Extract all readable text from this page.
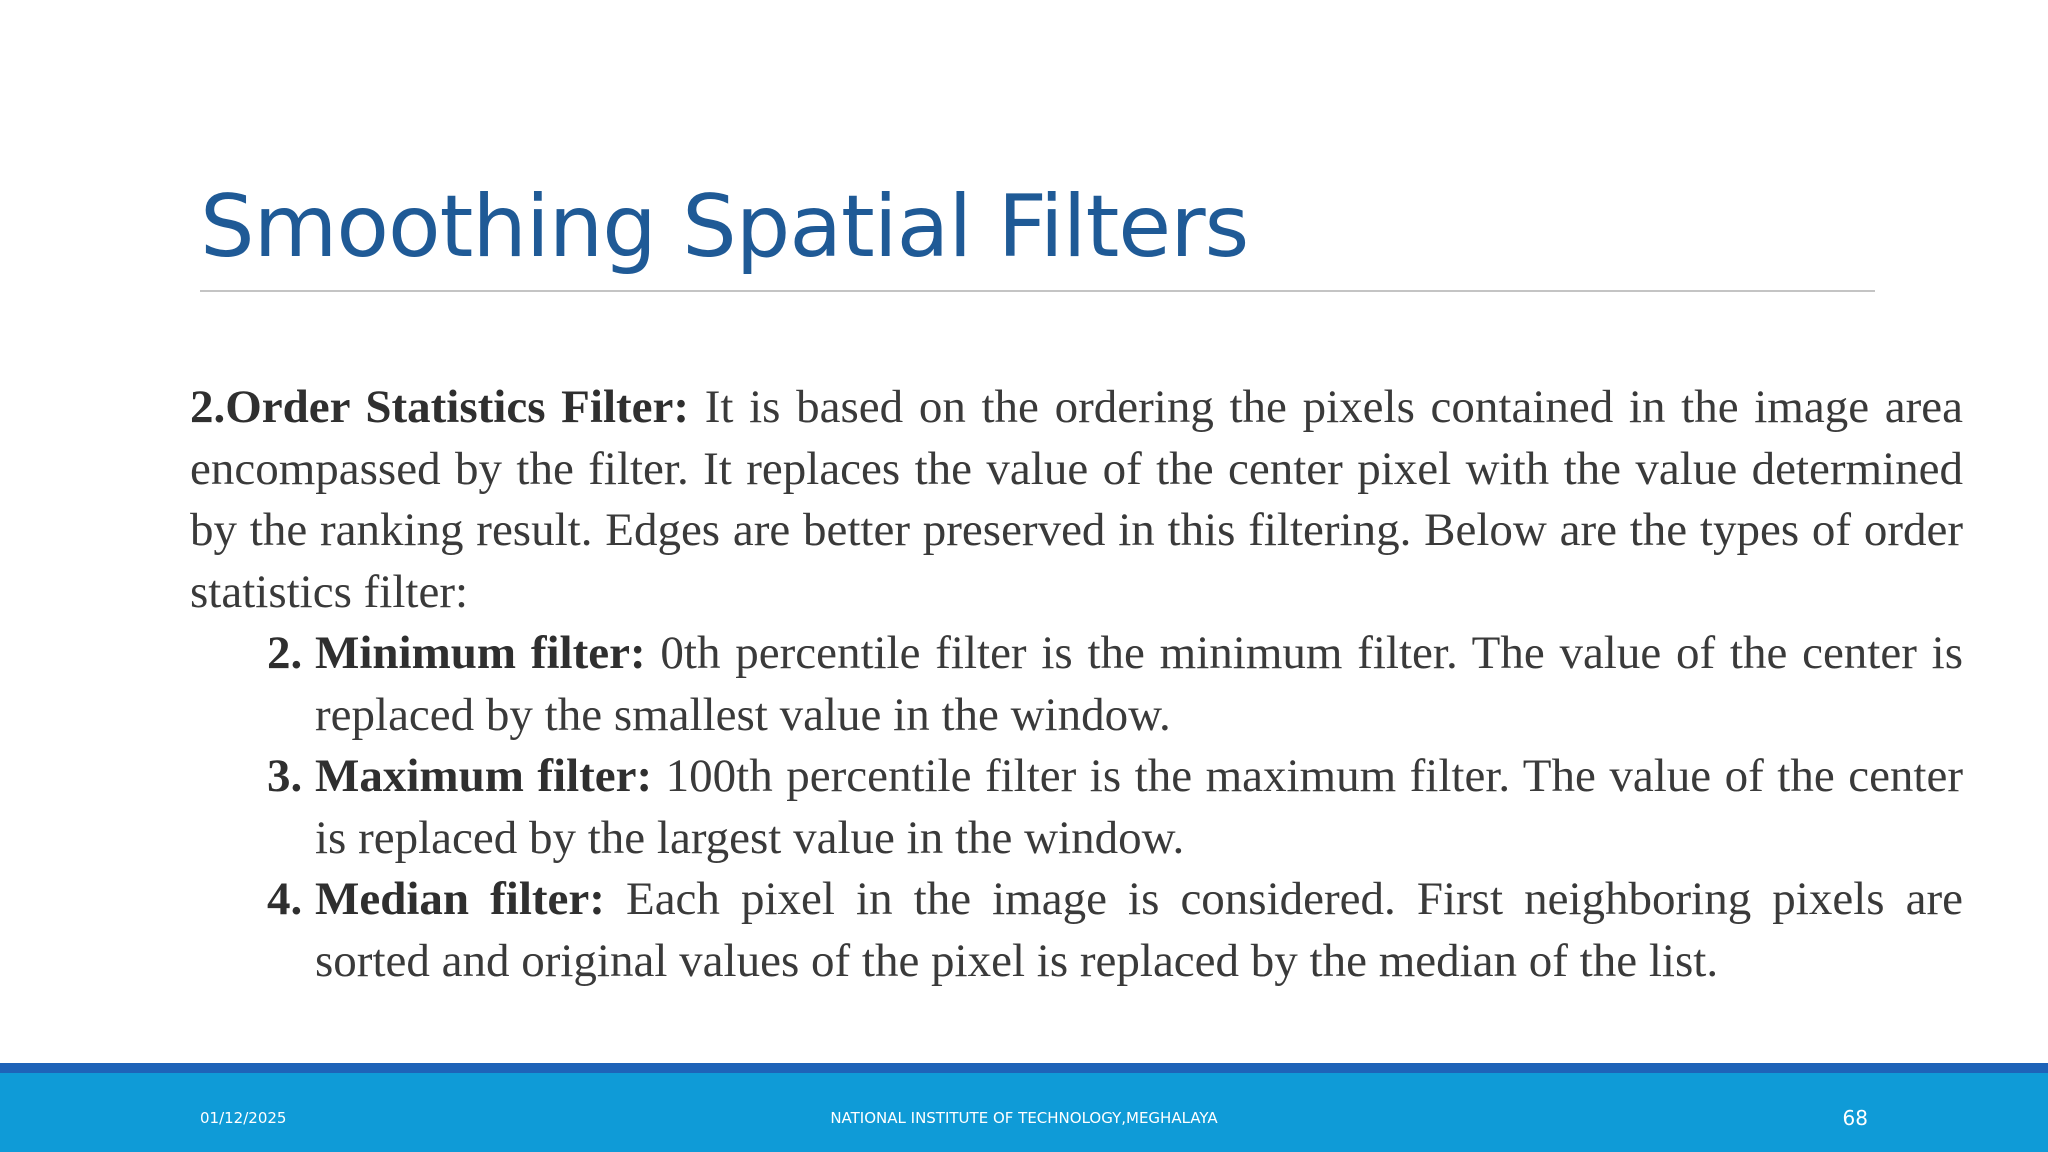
Smoothing Spatial Filters

2.Order Statistics Filter: It is based on the ordering the pixels contained in the image area encompassed by the filter. It replaces the value of the center pixel with the value determined by the ranking result. Edges are better preserved in this filtering. Below are the types of order statistics filter:

2. Minimum filter: 0th percentile filter is the minimum filter. The value of the center is replaced by the smallest value in the window.
3. Maximum filter: 100th percentile filter is the maximum filter. The value of the center is replaced by the largest value in the window.
4. Median filter: Each pixel in the image is considered. First neighboring pixels are sorted and original values of the pixel is replaced by the median of the list.
01/12/2025	NATIONAL INSTITUTE OF TECHNOLOGY,MEGHALAYA	68
